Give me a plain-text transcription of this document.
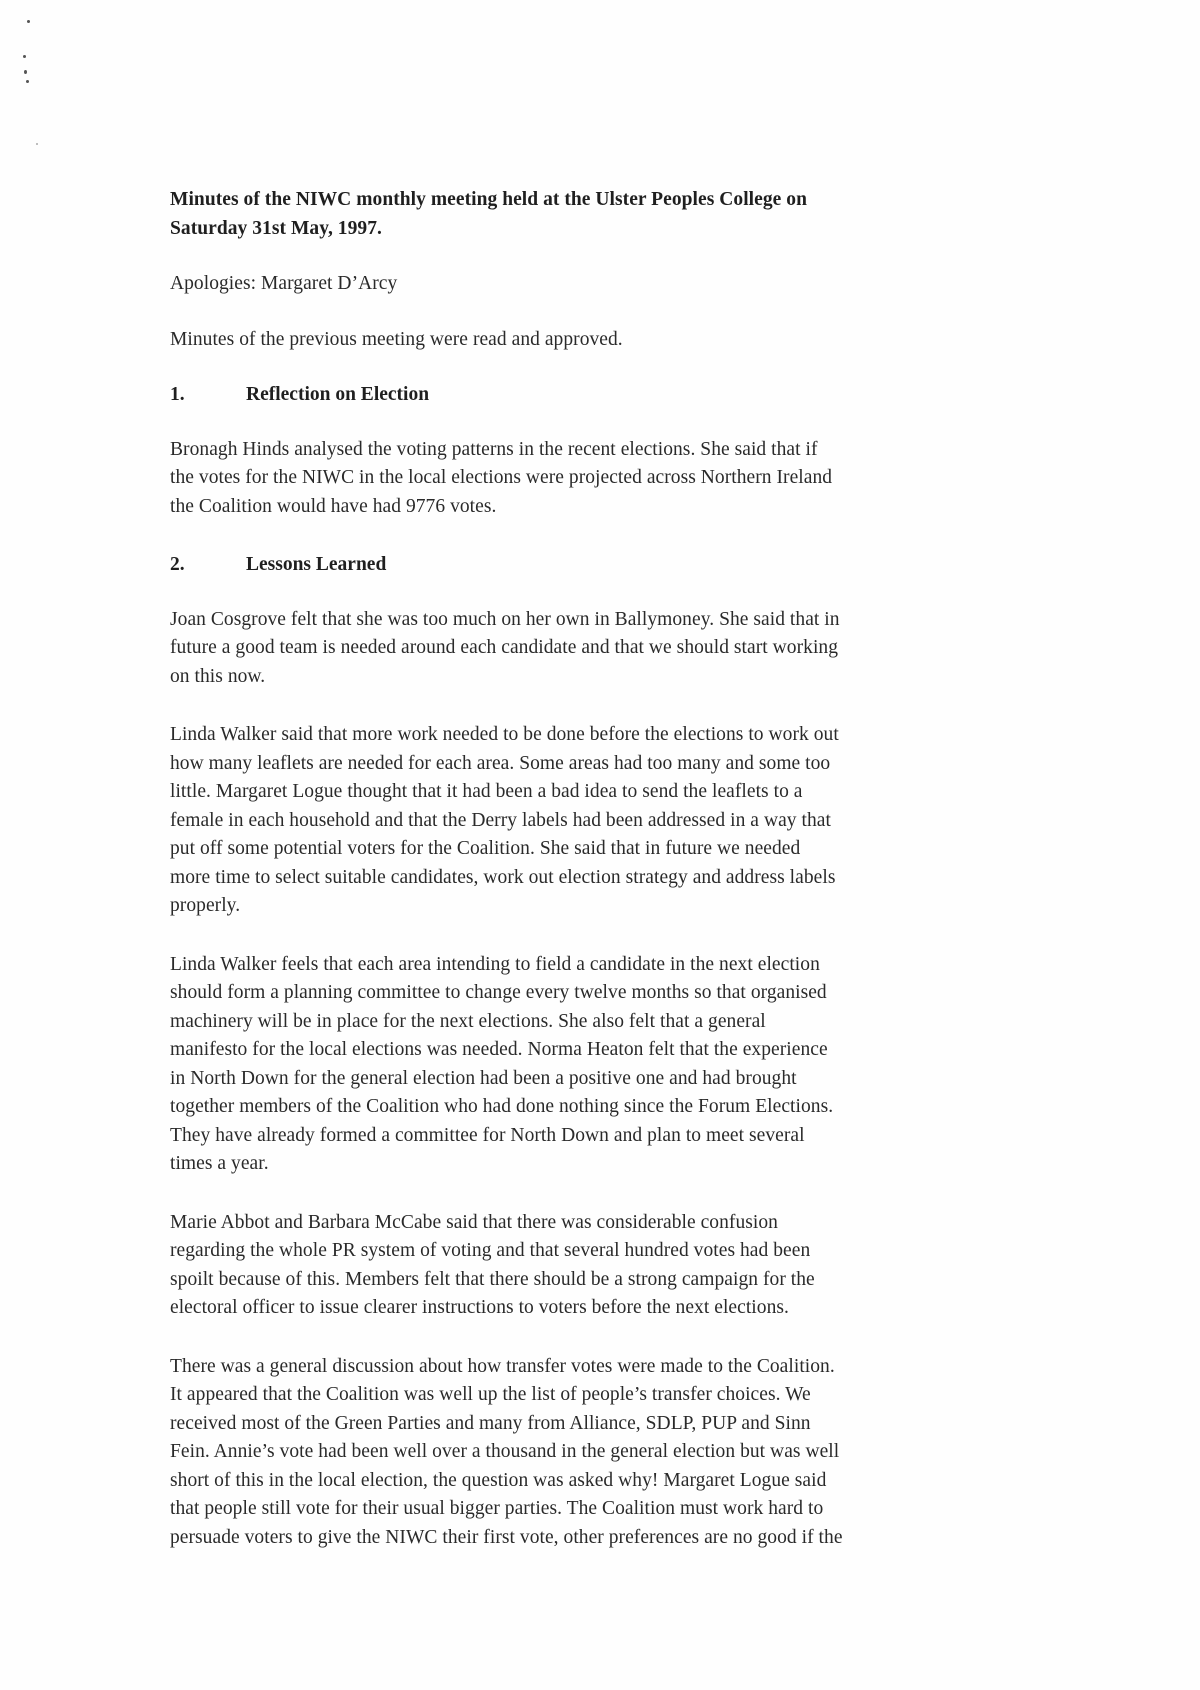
Minutes of the NIWC monthly meeting held at the Ulster Peoples College on
Saturday 31st May, 1997.
Apologies: Margaret D’Arcy
Minutes of the previous meeting were read and approved.
1.	Reflection on Election
Bronagh Hinds analysed the voting patterns in the recent elections. She said that if
the votes for the NIWC in the local elections were projected across Northern Ireland
the Coalition would have had 9776 votes.
2.	Lessons Learned
Joan Cosgrove felt that she was too much on her own in Ballymoney. She said that in
future a good team is needed around each candidate and that we should start working
on this now.
Linda Walker said that more work needed to be done before the elections to work out
how many leaflets are needed for each area. Some areas had too many and some too
little. Margaret Logue thought that it had been a bad idea to send the leaflets to a
female in each household and that the Derry labels had been addressed in a way that
put off some potential voters for the Coalition. She said that in future we needed
more time to select suitable candidates, work out election strategy and address labels
properly.
Linda Walker feels that each area intending to field a candidate in the next election
should form a planning committee to change every twelve months so that organised
machinery will be in place for the next elections. She also felt that a general
manifesto for the local elections was needed. Norma Heaton felt that the experience
in North Down for the general election had been a positive one and had brought
together members of the Coalition who had done nothing since the Forum Elections.
They have already formed a committee for North Down and plan to meet several
times a year.
Marie Abbot and Barbara McCabe said that there was considerable confusion
regarding the whole PR system of voting and that several hundred votes had been
spoilt because of this. Members felt that there should be a strong campaign for the
electoral officer to issue clearer instructions to voters before the next elections.
There was a general discussion about how transfer votes were made to the Coalition.
It appeared that the Coalition was well up the list of people’s transfer choices. We
received most of the Green Parties and many from Alliance, SDLP, PUP and Sinn
Fein. Annie’s vote had been well over a thousand in the general election but was well
short of this in the local election, the question was asked why! Margaret Logue said
that people still vote for their usual bigger parties. The Coalition must work hard to
persuade voters to give the NIWC their first vote, other preferences are no good if the
